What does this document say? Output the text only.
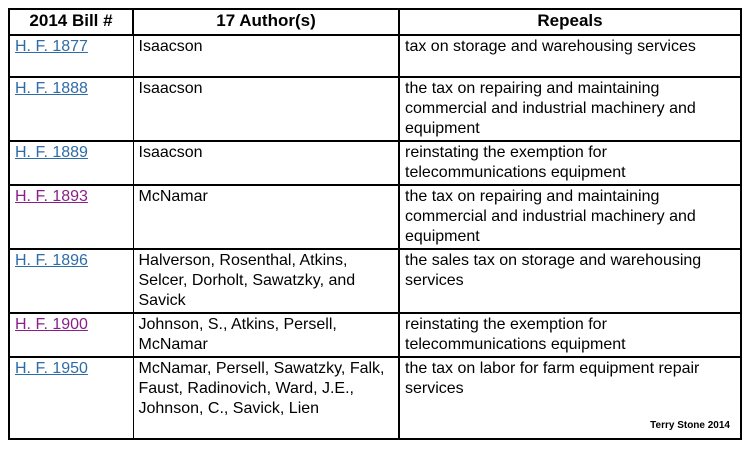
2014 Bill #	17 Author(s)	Repeals
H. F. 1877	Isaacson	tax on storage and warehousing services
H. F. 1888	Isaacson	the tax on repairing and maintaining commercial and industrial machinery and equipment
H. F. 1889	Isaacson	reinstating the exemption for telecommunications equipment
H. F. 1893	McNamar	the tax on repairing and maintaining commercial and industrial machinery and equipment
H. F. 1896	Halverson, Rosenthal, Atkins, Selcer, Dorholt, Sawatzky, and Savick	the sales tax on storage and warehousing services
H. F. 1900	Johnson, S., Atkins, Persell, McNamar	reinstating the exemption for telecommunications equipment
H. F. 1950	McNamar, Persell, Sawatzky, Falk, Faust, Radinovich, Ward, J.E., Johnson, C., Savick, Lien	the tax on labor for farm equipment repair services
Terry Stone 2014
